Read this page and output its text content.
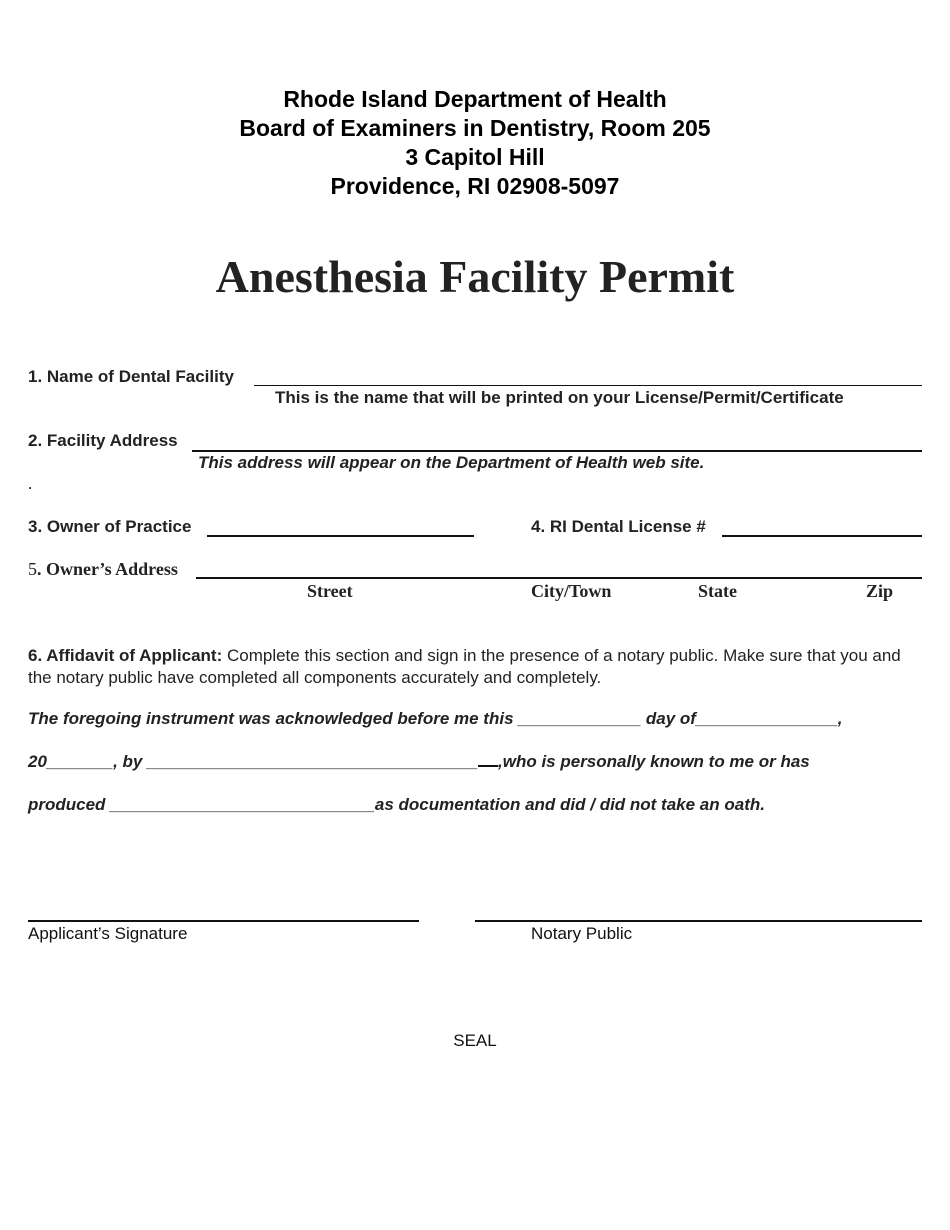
Rhode Island Department of Health
Board of Examiners in Dentistry, Room 205
3 Capitol Hill
Providence, RI 02908-5097
Anesthesia Facility Permit
1. Name of Dental Facility
This is the name that will be printed on your License/Permit/Certificate
2. Facility Address
This address will appear on the Department of Health web site.
.
3. Owner of Practice	4. RI Dental License #
5. Owner’s Address
Street	City/Town	State	Zip
6. Affidavit of Applicant: Complete this section and sign in the presence of a notary public. Make sure that you and the notary public have completed all components accurately and completely.
The foregoing instrument was acknowledged before me this _____________ day of_______________,
20_______, by ___________________________________ ,who is personally known to me or has
produced ____________________________as documentation and did / did not take an oath.
Applicant’s Signature	Notary Public
SEAL
